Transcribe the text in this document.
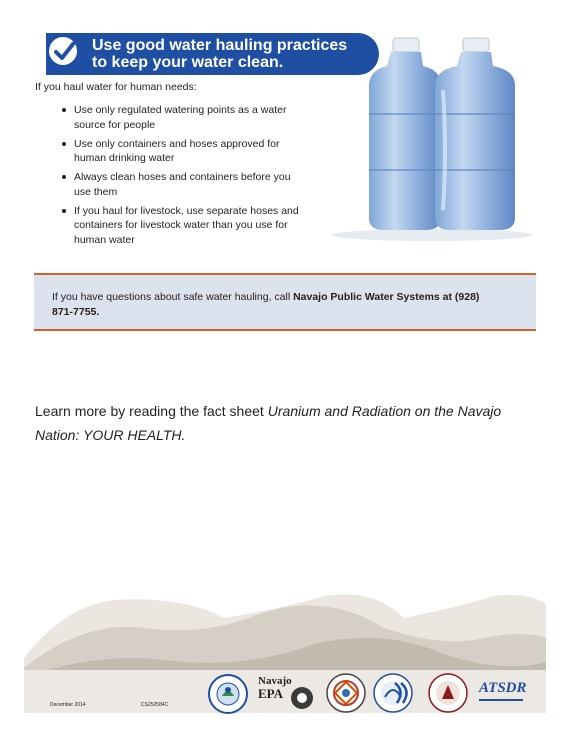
Use good water hauling practices
to keep your water clean.
If you haul water for human needs:
Use only regulated watering points as a water source for people
Use only containers and hoses approved for human drinking water
Always clean hoses and containers before you use them
If you haul for livestock, use separate hoses and containers for livestock water than you use for human water
If you have questions about safe water hauling, call Navajo Public Water Systems at (928) 871-7755.
Learn more by reading the fact sheet Uranium and Radiation on the Navajo Nation: YOUR HEALTH.
December 2014	CS252584C
Navajo
EPA	ATSDR
